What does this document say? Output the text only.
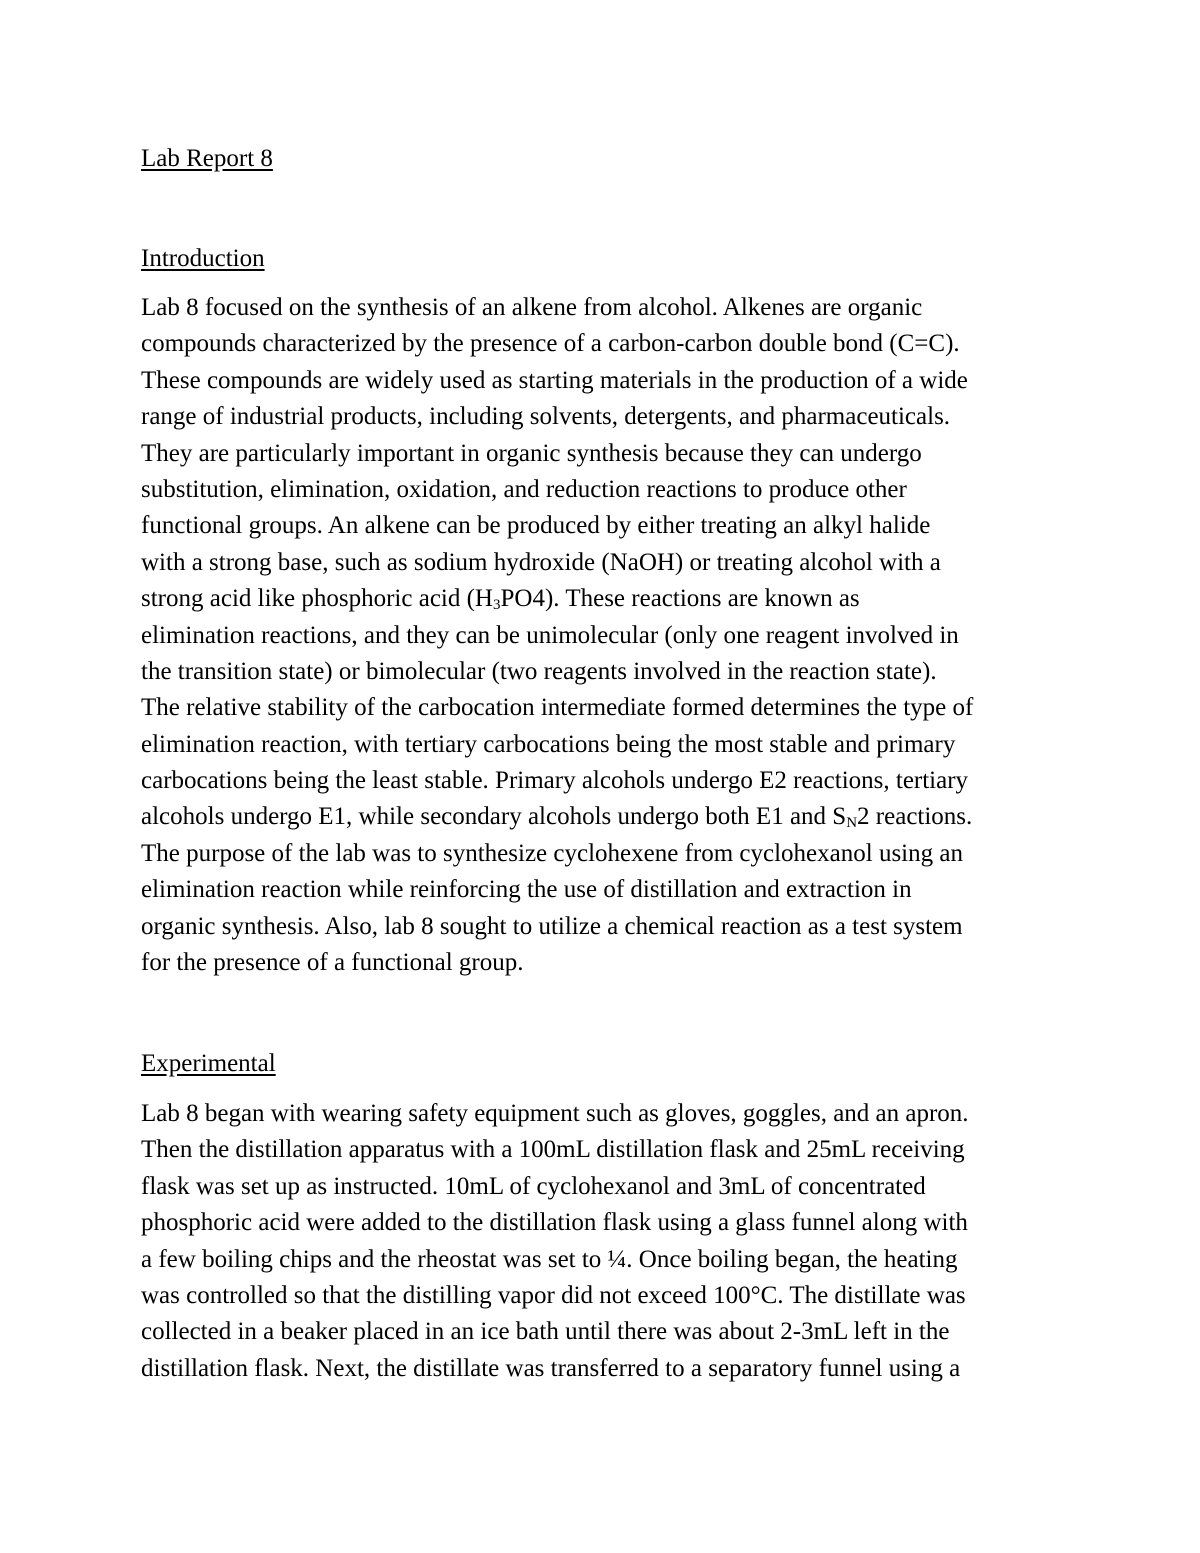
Lab Report 8
Introduction
Lab 8 focused on the synthesis of an alkene from alcohol. Alkenes are organic
compounds characterized by the presence of a carbon-carbon double bond (C=C).
These compounds are widely used as starting materials in the production of a wide
range of industrial products, including solvents, detergents, and pharmaceuticals.
They are particularly important in organic synthesis because they can undergo
substitution, elimination, oxidation, and reduction reactions to produce other
functional groups. An alkene can be produced by either treating an alkyl halide
with a strong base, such as sodium hydroxide (NaOH) or treating alcohol with a
strong acid like phosphoric acid $(H_3PO4)$. These reactions are known as
elimination reactions, and they can be unimolecular (only one reagent involved in
the transition state) or bimolecular (two reagents involved in the reaction state).
The relative stability of the carbocation intermediate formed determines the type of
elimination reaction, with tertiary carbocations being the most stable and primary
carbocations being the least stable. Primary alcohols undergo E2 reactions, tertiary
alcohols undergo E1, while secondary alcohols undergo both E1 and $S_N2$ reactions.
The purpose of the lab was to synthesize cyclohexene from cyclohexanol using an
elimination reaction while reinforcing the use of distillation and extraction in
organic synthesis. Also, lab 8 sought to utilize a chemical reaction as a test system
for the presence of a functional group.
Experimental
Lab 8 began with wearing safety equipment such as gloves, goggles, and an apron.
Then the distillation apparatus with a 100mL distillation flask and 25mL receiving
flask was set up as instructed. 10mL of cyclohexanol and 3mL of concentrated
phosphoric acid were added to the distillation flask using a glass funnel along with
a few boiling chips and the rheostat was set to ¼. Once boiling began, the heating
was controlled so that the distilling vapor did not exceed 100°C. The distillate was
collected in a beaker placed in an ice bath until there was about 2-3mL left in the
distillation flask. Next, the distillate was transferred to a separatory funnel using a
